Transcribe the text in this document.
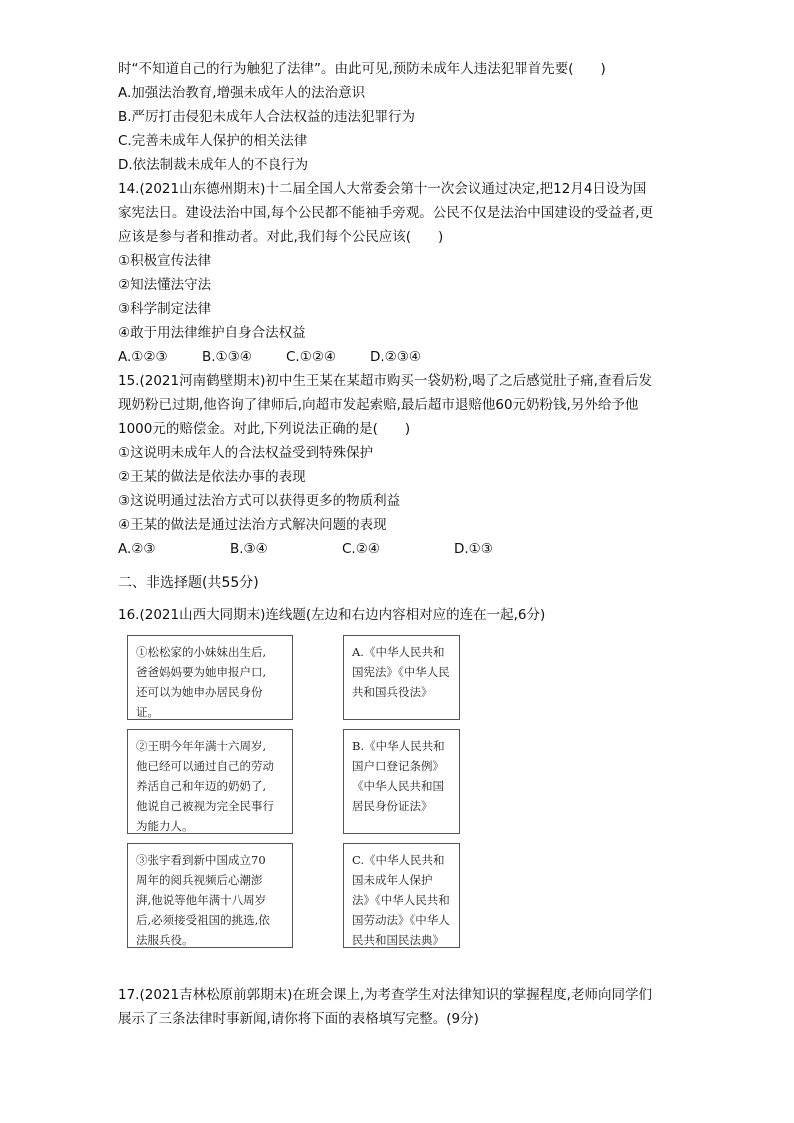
时“不知道自己的行为触犯了法律”。由此可见,预防未成年人违法犯罪首先要(　　)
A.加强法治教育,增强未成年人的法治意识
B.严厉打击侵犯未成年人合法权益的违法犯罪行为
C.完善未成年人保护的相关法律
D.依法制裁未成年人的不良行为
14.(2021山东德州期末)十二届全国人大常委会第十一次会议通过决定,把12月4日设为国
家宪法日。建设法治中国,每个公民都不能袖手旁观。公民不仅是法治中国建设的受益者,更
应该是参与者和推动者。对此,我们每个公民应该(　　)
①积极宣传法律
②知法懂法守法
③科学制定法律
④敢于用法律维护自身合法权益
A.①②③	B.①③④	C.①②④	D.②③④
15.(2021河南鹤壁期末)初中生王某在某超市购买一袋奶粉,喝了之后感觉肚子痛,查看后发
现奶粉已过期,他咨询了律师后,向超市发起索赔,最后超市退赔他60元奶粉钱,另外给予他
1000元的赔偿金。对此,下列说法正确的是(　　)
①这说明未成年人的合法权益受到特殊保护
②王某的做法是依法办事的表现
③这说明通过法治方式可以获得更多的物质利益
④王某的做法是通过法治方式解决问题的表现
A.②③	B.③④	C.②④	D.①③
二、非选择题(共55分)
16.(2021山西大同期末)连线题(左边和右边内容相对应的连在一起,6分)

①松松家的小妹妹出生后,

爸爸妈妈要为她申报户口,

还可以为她申办居民身份

证。

②王明今年年满十六周岁,

他已经可以通过自己的劳动

养活自己和年迈的奶奶了,

他说自己被视为完全民事行

为能力人。

③张宇看到新中国成立70

周年的阅兵视频后心潮澎

湃,他说等他年满十八周岁

后,必须接受祖国的挑选,依

法服兵役。

A.《中华人民共和

国宪法》《中华人民

共和国兵役法》

B.《中华人民共和

国户口登记条例》

《中华人民共和国

居民身份证法》

C.《中华人民共和

国未成年人保护

法》《中华人民共和

国劳动法》《中华人

民共和国民法典》

17.(2021吉林松原前郭期末)在班会课上,为考查学生对法律知识的掌握程度,老师向同学们
展示了三条法律时事新闻,请你将下面的表格填写完整。(9分)
